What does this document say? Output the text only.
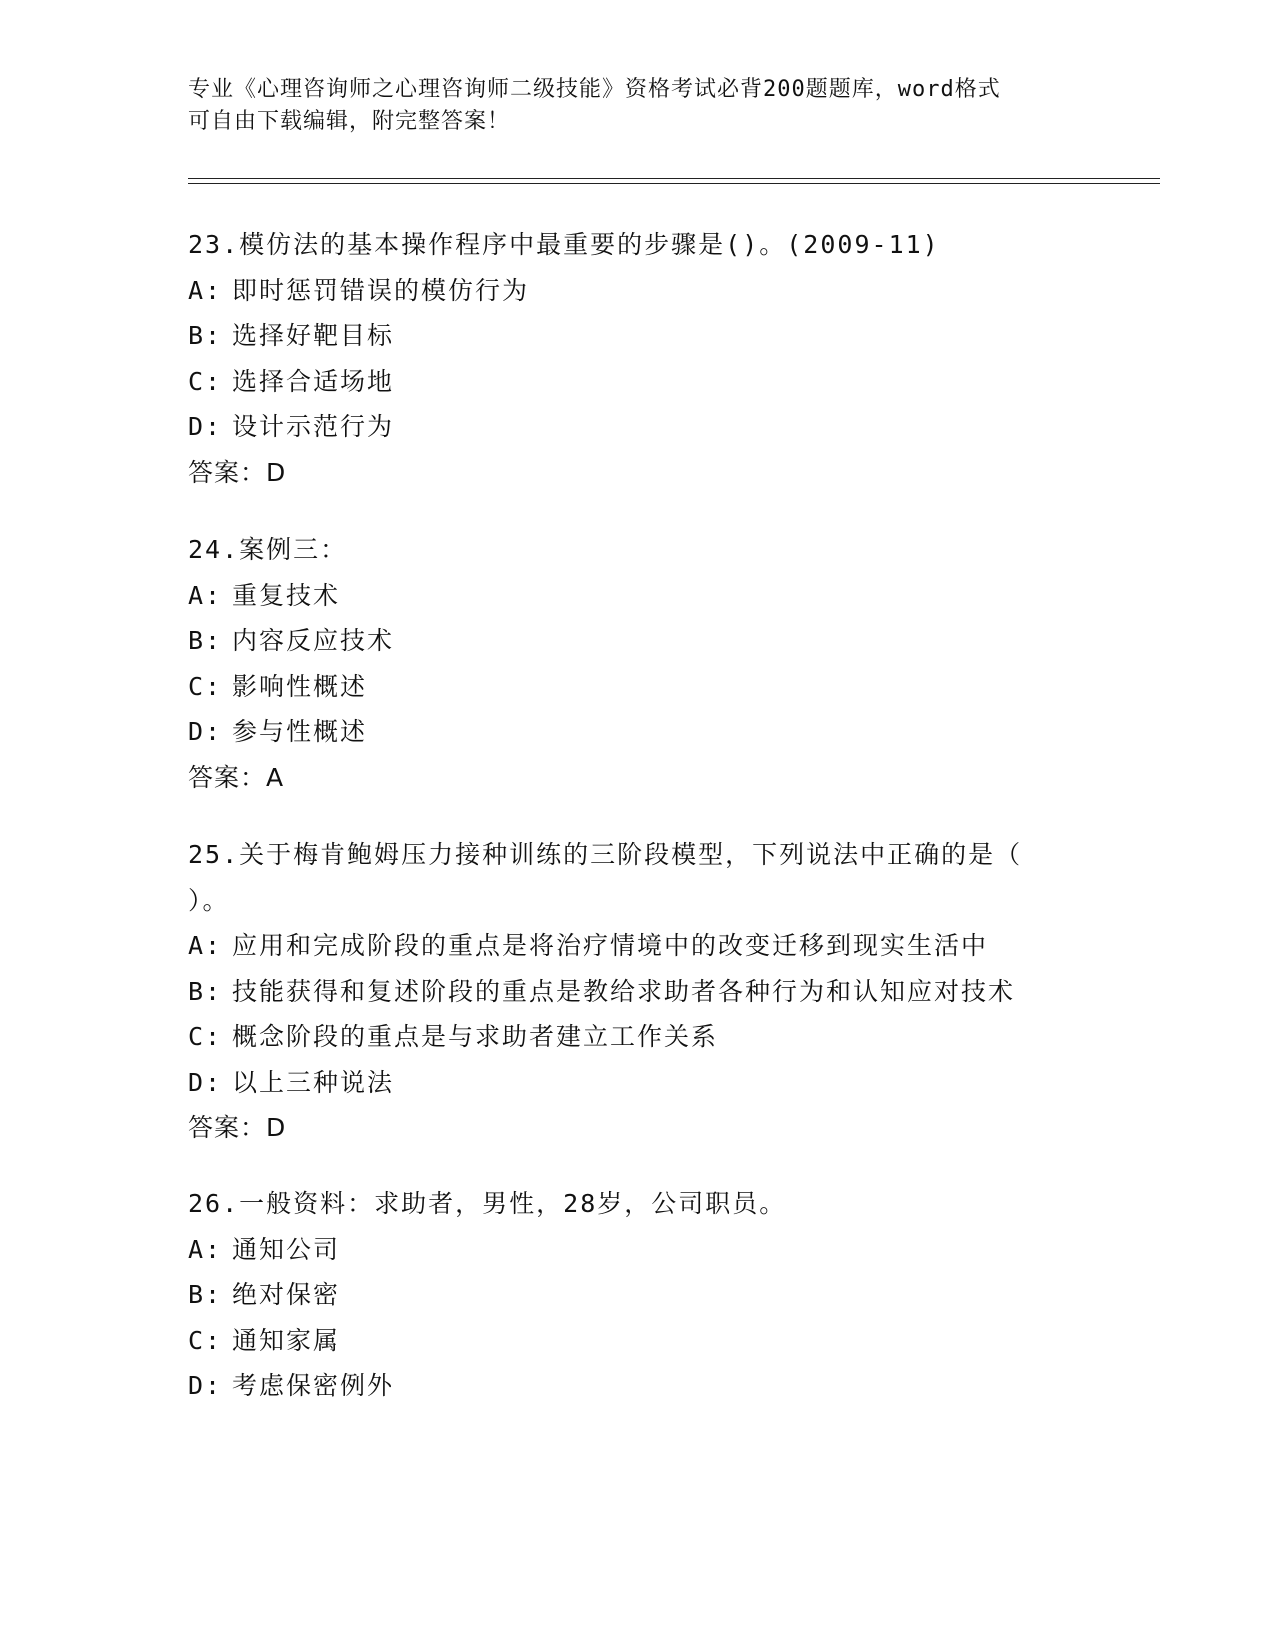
专业《心理咨询师之心理咨询师二级技能》资格考试必背200题题库，word格式
可自由下载编辑，附完整答案！
23.模仿法的基本操作程序中最重要的步骤是()。(2009-11)
A: 即时惩罚错误的模仿行为
B: 选择好靶目标
C: 选择合适场地
D: 设计示范行为
答案：D
24.案例三：
A: 重复技术
B: 内容反应技术
C: 影响性概述
D: 参与性概述
答案：A
25.关于梅肯鲍姆压力接种训练的三阶段模型，下列说法中正确的是（
）。
A: 应用和完成阶段的重点是将治疗情境中的改变迁移到现实生活中
B: 技能获得和复述阶段的重点是教给求助者各种行为和认知应对技术
C: 概念阶段的重点是与求助者建立工作关系
D: 以上三种说法
答案：D
26.一般资料：求助者，男性，28岁，公司职员。
A: 通知公司
B: 绝对保密
C: 通知家属
D: 考虑保密例外
